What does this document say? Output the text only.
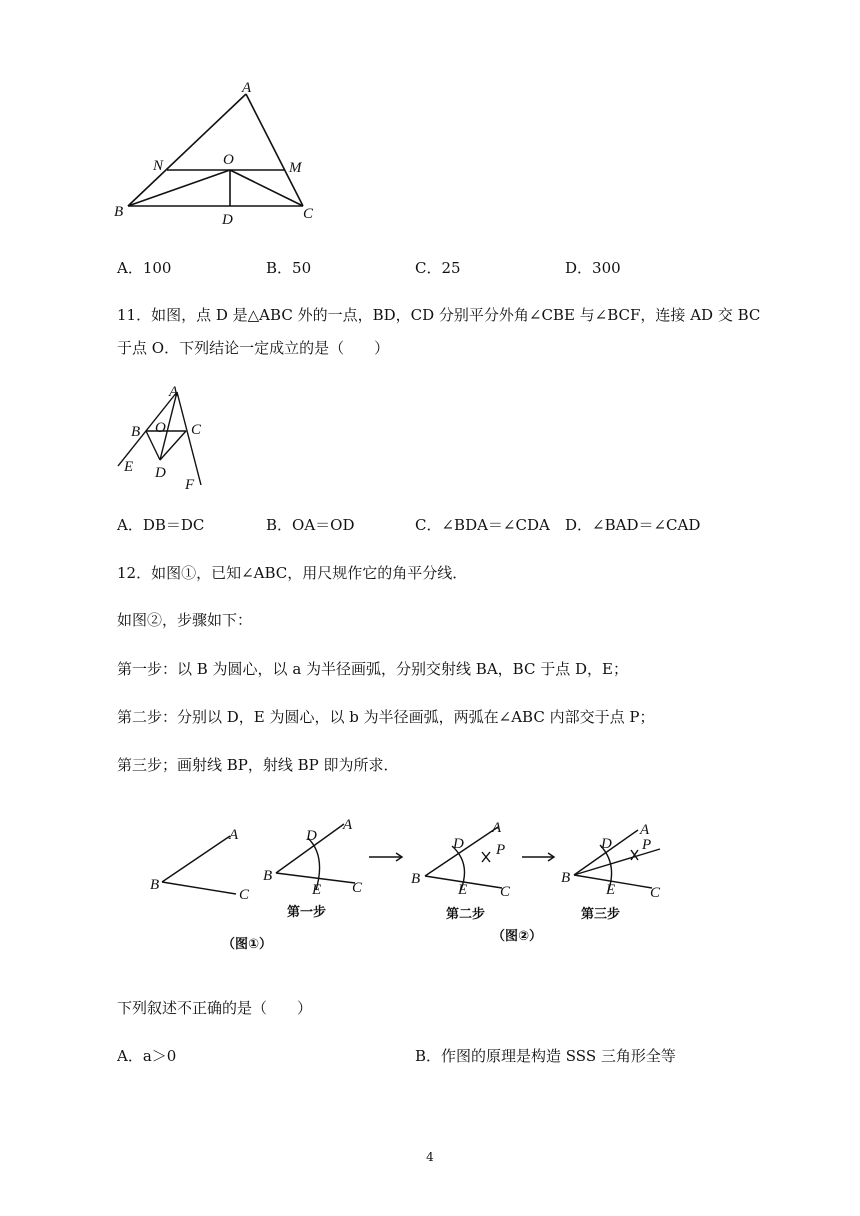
A
N	O	M
B	D	C
A．100	B．50	C．25	D．300
11．如图，点 D 是△ABC 外的一点，BD，CD 分别平分外角∠CBE 与∠BCF，连接 AD 交 BC
于点 O．下列结论一定成立的是（　　）
A
B O C
E D
F
A．DB＝DC	B．OA＝OD	C．∠BDA＝∠CDA D．∠BAD＝∠CAD
12．如图①，已知∠ABC，用尺规作它的角平分线．
如图②，步骤如下：
第一步：以 B 为圆心，以 a 为半径画弧，分别交射线 BA，BC 于点 D，E；
第二步：分别以 D，E 为圆心，以 b 为半径画弧，两弧在∠ABC 内部交于点 P；
第三步；画射线 BP，射线 BP 即为所求．
A
B
C
D
A
B
E C
第一步
D
A
P
B
E C
第二步
D
A
P
B
E C
第三步
（图①）
（图②）
下列叙述不正确的是（　　）
A．a＞0	B．作图的原理是构造 SSS 三角形全等
4
